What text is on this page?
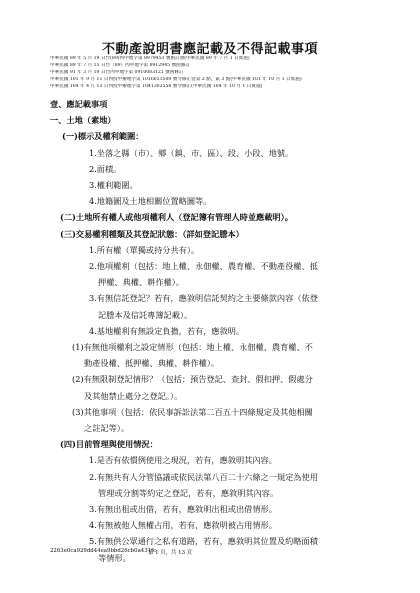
不動產說明書應記載及不得記載事項
中華民國 89 年 5 月 19 日台(89)內中地字第 8979453 號函訂頒(中華民國 89 年 7 月 1 日實施)
中華民國 89 年 7 月 15 日台（89）內中地字第 8912945 號函修訂
中華民國 91 年 3 月 19 日台內中地字第 0910083121 號函修訂
中華民國 101 年 9 月 11 日內授中辦地字第 1016651509 號令修正壹第 2 點、貳 3 點(中華民國 101 年 10 月 1 日實施)
中華民國 104 年 4 月 13 日內授中辦地字第 1041302558 號令修正(中華民國 104 年 10 月 1 日實施)
壹、應記載事項
一、土地（素地）
(一)標示及權利範圍：
1.坐落之縣（市）、鄉（鎮、市、區）、段、小段、地號。
2.面積。
3.權利範圍。
4.地籍圖及土地相關位置略圖等。
(二)土地所有權人或他項權利人（登記簿有管理人時並應載明）。
(三)交易權利種類及其登記狀態：（詳如登記謄本）
1.所有權（單獨或持分共有）。
2.他項權利（包括：地上權、永佃權、農育權、不動產役權、抵
押權、典權、耕作權）。
3.有無信託登記？若有，應敘明信託契約之主要條款內容（依登
記謄本及信託專簿記載）。
4.基地權利有無設定負擔，若有，應敘明。
(1)有無他項權利之設定情形（包括：地上權、永佃權、農育權、不
動產役權、抵押權、典權、耕作權）。
(2)有無限制登記情形？（包括：預告登記、查封、假扣押、假處分
及其他禁止處分之登記。）。
(3)其他事項（包括：依民事訴訟法第二百五十四條規定及其他相關
之註記等）。
(四)目前管理與使用情況：
1.是否有依慣例使用之現況，若有，應敘明其內容。
2.有無共有人分管協議或依民法第八百二十六條之一規定為使用
管理或分割等約定之登記，若有，應敘明其內容。
3.有無出租或出借，若有，應敘明出租或出借情形。
4.有無被他人無權占用，若有，應敘明被占用情形。
5.有無供公眾通行之私有道路，若有，應敘明其位置及約略面積
等情形。
2263e0ca929dd44ea9bbd26cb0a431fc
第 1 頁，共 13 頁
